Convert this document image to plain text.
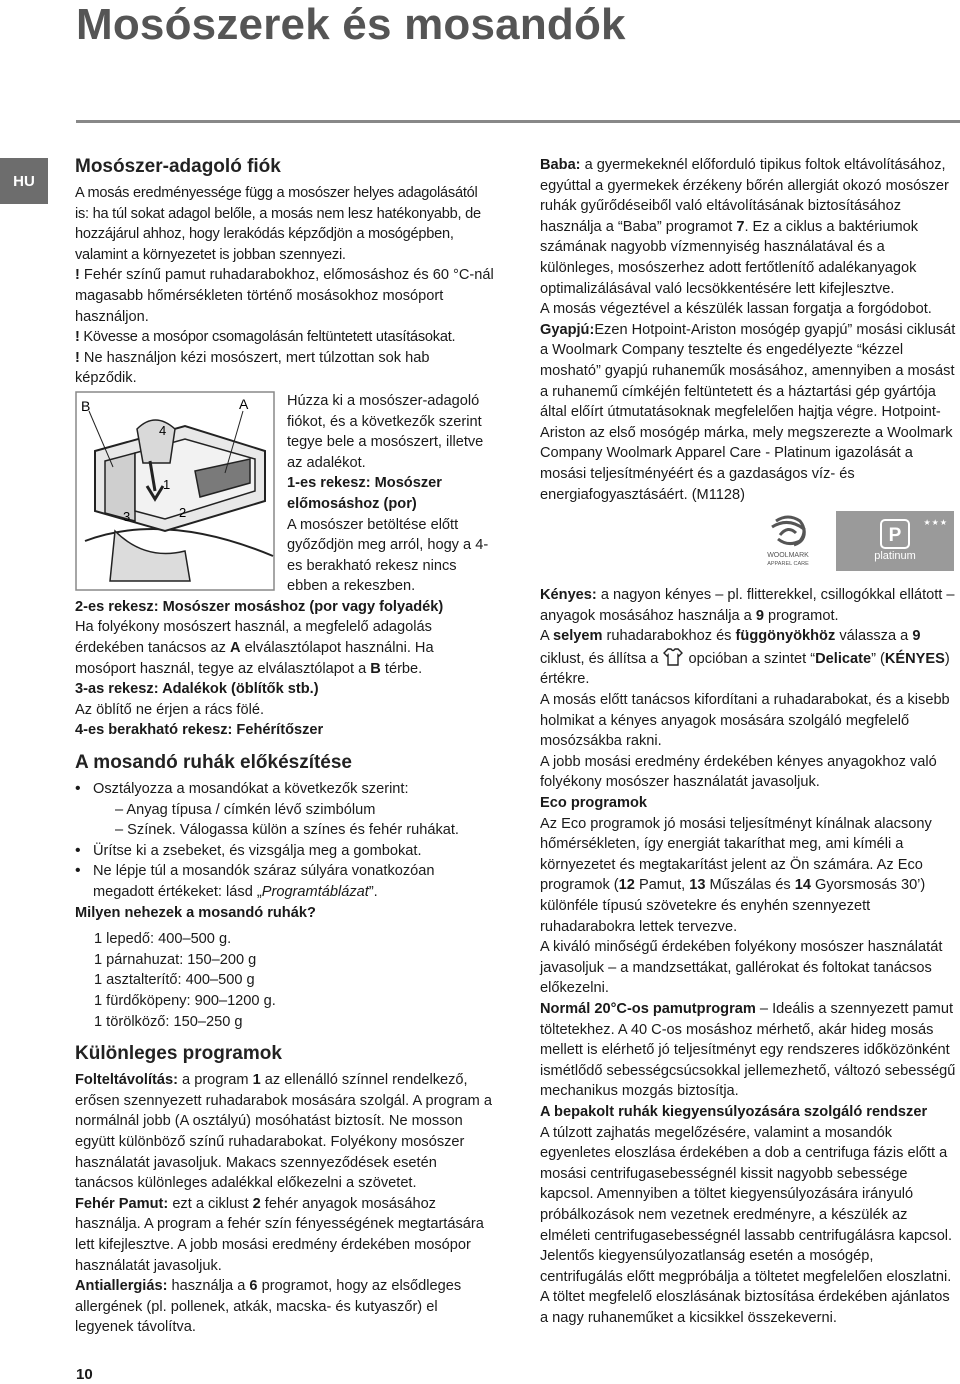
Mosószerek és mosandók
HU
Mosószer-adagoló fiók

A mosás eredményessége függ a mosószer helyes adagolásától is: ha túl sokat adagol belőle, a mosás nem lesz hatékonyabb, de hozzájárul ahhoz, hogy lerakódás képződjön a mosógépben, valamint a környezetet is jobban szennyezi.

! Fehér színű pamut ruhadarabokhoz, előmosáshoz és 60 °C-nál magasabb hőmérsékleten történő mosásokhoz mosóport használjon.

! Kövesse a mosópor csomagolásán feltüntetett utasításokat.

! Ne használjon kézi mosószert, mert túlzottan sok hab képződik.

B	A
4
1
2
3

Húzza ki a mosószer-adagoló fiókot, és a következők szerint tegye bele a mosószert, illetve az adalékot.

1-es rekesz: Mosószer előmosáshoz (por)

A mosószer betöltése előtt győződjön meg arról, hogy a 4-es berakható rekesz nincs ebben a rekeszben.

2-es rekesz: Mosószer mosáshoz (por vagy folyadék)

Ha folyékony mosószert használ, a megfelelő adagolás érdekében tanácsos az A elválasztólapot használni. Ha mosóport használ, tegye az elválasztólapot a B térbe.

3-as rekesz: Adalékok (öblítők stb.)

Az öblítő ne érjen a rács fölé.

4-es berakható rekesz: Fehérítőszer

A mosandó ruhák előkészítése
• Osztályozza a mosandókat a következők szerint:
– Anyag típusa / címkén lévő szimbólum
– Színek. Válogassa külön a színes és fehér ruhákat.
• Ürítse ki a zsebeket, és vizsgálja meg a gombokat.
• Ne lépje túl a mosandók száraz súlyára vonatkozóan megadott értékeket: lásd „Programtáblázat”.

Milyen nehezek a mosandó ruhák?

1 lepedő: 400–500 g.
1 párnahuzat: 150–200 g
1 asztalterítő: 400–500 g
1 fürdőköpeny: 900–1200 g.
1 törölköző: 150–250 g
Különleges programok

Folteltávolítás: a program 1 az ellenálló színnel rendelkező, erősen szennyezett ruhadarabok mosására szolgál. A program a normálnál jobb (A osztályú) mosóhatást biztosít. Ne mosson együtt különböző színű ruhadarabokat. Folyékony mosószer használatát javasoljuk. Makacs szennyeződések esetén tanácsos különleges adalékkal előkezelni a szövetet.

Fehér Pamut: ezt a ciklust 2 fehér anyagok mosásához használja. A program a fehér szín fényességének megtartására lett kifejlesztve. A jobb mosási eredmény érdekében mosópor használatát javasoljuk.

Antiallergiás: használja a 6 programot, hogy az elsődleges allergének (pl. pollenek, atkák, macska- és kutyaszőr) el legyenek távolítva.

Baba: a gyermekeknél előforduló tipikus foltok eltávolításához, egyúttal a gyermekek érzékeny bőrén allergiát okozó mosószer ruhák gyűrődéseiből való eltávolításának biztosításához használja a “Baba” programot 7. Ez a ciklus a baktériumok számának nagyobb vízmennyiség használatával és a különleges, mosószerhez adott fertőtlenítő adalékanyagok optimalizálásával való lecsökkentésére lett kifejlesztve.

A mosás végeztével a készülék lassan forgatja a forgódobot.

Gyapjú:Ezen Hotpoint-Ariston mosógép gyapjú” mosási ciklusát a Woolmark Company tesztelte és engedélyezte “kézzel mosható” gyapjú ruhaneműk mosásához, amennyiben a mosást a ruhanemű címkéjén feltüntetett és a háztartási gép gyártója által előírt útmutatásoknak megfelelően hajtja végre. Hotpoint-Ariston az első mosógép márka, mely megszerezte a Woolmark Company Woolmark Apparel Care - Platinum igazolását a mosási teljesítményéért és a gazdaságos víz- és energiafogyasztásáért. (M1128)

WOOLMARK
APPAREL CARE
★★★
P
platinum

Kényes: a nagyon kényes – pl. flitterekkel, csillogókkal ellátott – anyagok mosásához használja a 9 programot.

A selyem ruhadarabokhoz és függönyökhöz válassza a 9 ciklust, és állítsa a  opcióban a szintet “Delicate” (KÉNYES) értékre.

A mosás előtt tanácsos kifordítani a ruhadarabokat, és a kisebb holmikat a kényes anyagok mosására szolgáló megfelelő mosózsákba rakni.

A jobb mosási eredmény érdekében kényes anyagokhoz való folyékony mosószer használatát javasoljuk.

Eco programok

Az Eco programok jó mosási teljesítményt kínálnak alacsony hőmérsékleten, így energiát takaríthat meg, ami kíméli a környezetet és megtakarítást jelent az Ön számára. Az Eco programok (12 Pamut, 13 Műszálas és 14 Gyorsmosás 30’) különféle típusú szövetekre és enyhén szennyezett ruhadarabokra lettek tervezve.

A kiváló minőségű érdekében folyékony mosószer használatát javasoljuk – a mandzsettákat, gallérokat és foltokat tanácsos előkezelni.

Normál 20°C-os pamutprogram – Ideális a szennyezett pamut töltetekhez. A 40 C-os mosáshoz mérhető, akár hideg mosás mellett is elérhető jó teljesítményt egy rendszeres időközönként ismétlődő sebességcsúcsokkal jellemezhető, változó sebességű mechanikus mozgás biztosítja.

A bepakolt ruhák kiegyensúlyozására szolgáló rendszer

A túlzott zajhatás megelőzésére, valamint a mosandók egyenletes eloszlása érdekében a dob a centrifuga fázis előtt a mosási centrifugasebességnél kissit nagyobb sebessége kapcsol. Amennyiben a töltet kiegyensúlyozására irányuló próbálkozások nem vezetnek eredményre, a készülék az elméleti centrifugasebességnél lassabb centrifugálásra kapcsol. Jelentős kiegyensúlyozatlanság esetén a mosógép, centrifugálás előtt megpróbálja a töltetet megfelelően eloszlatni. A töltet megfelelő eloszlásának biztosítása érdekében ajánlatos a nagy ruhaneműket a kicsikkel összekeverni.

10
